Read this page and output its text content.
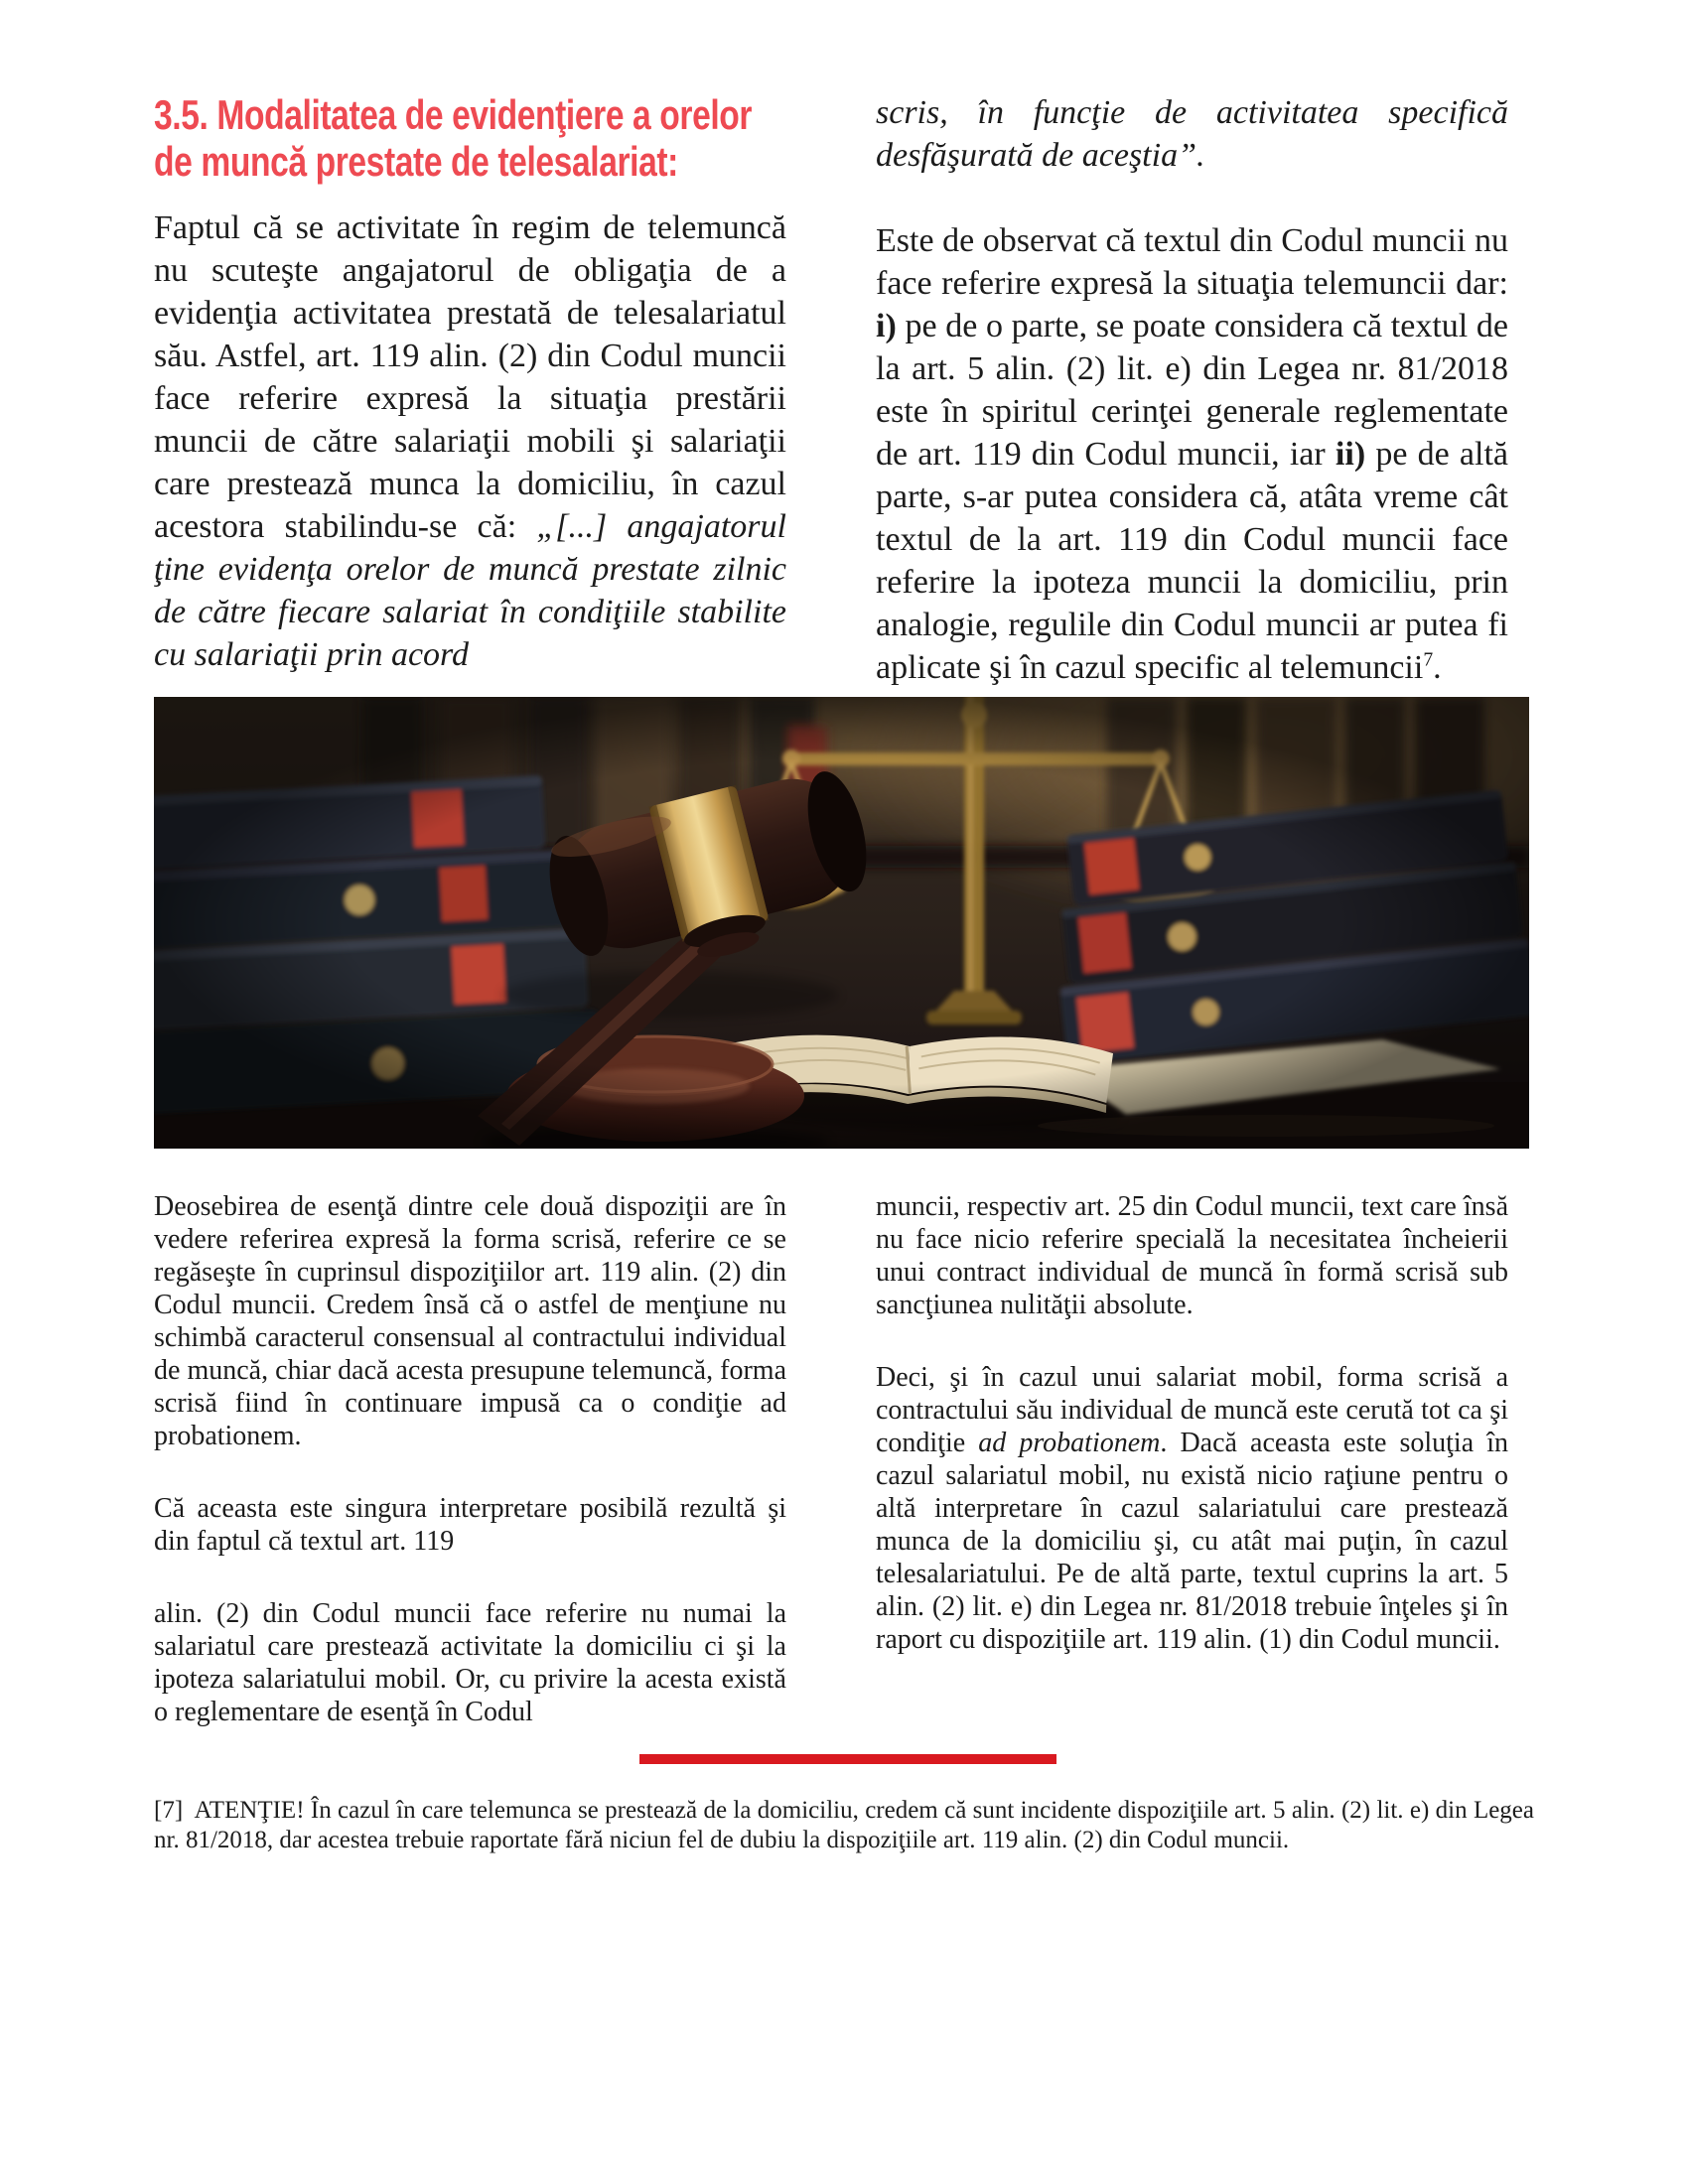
3.5. Modalitatea de evidenţiere a orelor de muncă prestate de telesalariat:

Faptul că se activitate în regim de telemuncă nu scuteşte angajatorul de obligaţia de a evidenţia activitatea prestată de telesalariatul său. Astfel, art. 119 alin. (2) din Codul muncii face referire expresă la situaţia prestării muncii de către salariaţii mobili şi salariaţii care prestează munca la domiciliu, în cazul acestora stabilindu-se că: „[...] angajatorul ţine evidenţa orelor de muncă prestate zilnic de către fiecare salariat în condiţiile stabilite cu salariaţii prin acord

scris, în funcţie de activitatea specifică desfăşurată de aceştia”.

Este de observat că textul din Codul muncii nu face referire expresă la situaţia telemuncii dar: i) pe de o parte, se poate considera că textul de la art. 5 alin. (2) lit. e) din Legea nr. 81/2018 este în spiritul cerinţei generale reglementate de art. 119 din Codul muncii, iar ii) pe de altă parte, s-ar putea considera că, atâta vreme cât textul de la art. 119 din Codul muncii face referire la ipoteza muncii la domiciliu, prin analogie, regulile din Codul muncii ar putea fi aplicate şi în cazul specific al telemuncii$^7$.

Deosebirea de esenţă dintre cele două dispoziţii are în vedere referirea expresă la forma scrisă, referire ce se regăseşte în cuprinsul dispoziţiilor art. 119 alin. (2) din Codul muncii. Credem însă că o astfel de menţiune nu schimbă caracterul consensual al contractului individual de muncă, chiar dacă acesta presupune telemuncă, forma scrisă fiind în continuare impusă ca o condiţie ad probationem.

Că aceasta este singura interpretare posibilă rezultă şi din faptul că textul art. 119

alin. (2) din Codul muncii face referire nu numai la salariatul care prestează activitate la domiciliu ci şi la ipoteza salariatului mobil. Or, cu privire la acesta există o reglementare de esenţă în Codul

muncii, respectiv art. 25 din Codul muncii, text care însă nu face nicio referire specială la necesitatea încheierii unui contract individual de muncă în formă scrisă sub sancţiunea nulităţii absolute.

Deci, şi în cazul unui salariat mobil, forma scrisă a contractului său individual de muncă este cerută tot ca şi condiţie ad probationem. Dacă aceasta este soluţia în cazul salariatul mobil, nu există nicio raţiune pentru o altă interpretare în cazul salariatului care prestează munca de la domiciliu şi, cu atât mai puţin, în cazul telesalariatului. Pe de altă parte, textul cuprins la art. 5 alin. (2) lit. e) din Legea nr. 81/2018 trebuie înţeles şi în raport cu dispoziţiile art. 119 alin. (1) din Codul muncii.

[7]  ATENŢIE! În cazul în care telemunca se prestează de la domiciliu, credem că sunt incidente dispoziţiile art. 5 alin. (2) lit. e) din Legea nr. 81/2018, dar acestea trebuie raportate fără niciun fel de dubiu la dispoziţiile art. 119 alin. (2) din Codul muncii.
